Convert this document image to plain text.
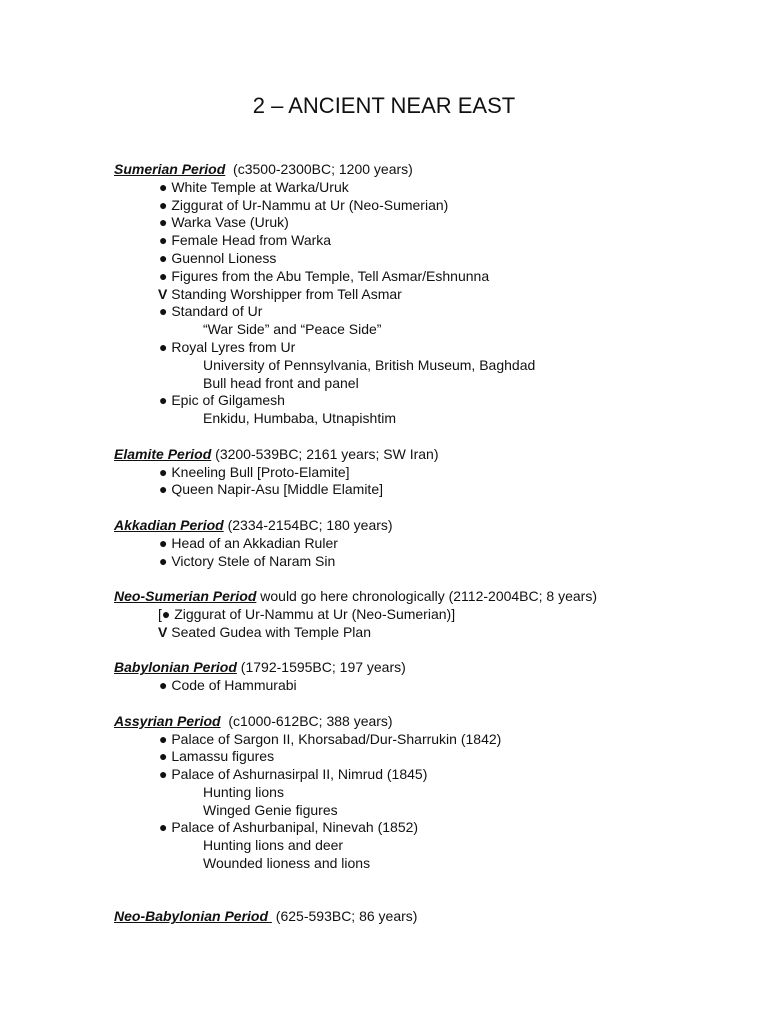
2 – ANCIENT NEAR EAST
Sumerian Period  (c3500-2300BC; 1200 years)
● White Temple at Warka/Uruk
● Ziggurat of Ur-Nammu at Ur (Neo-Sumerian)
● Warka Vase (Uruk)
● Female Head from Warka
● Guennol Lioness
● Figures from the Abu Temple, Tell Asmar/Eshnunna
V Standing Worshipper from Tell Asmar
● Standard of Ur
“War Side” and “Peace Side”
● Royal Lyres from Ur
University of Pennsylvania, British Museum, Baghdad
Bull head front and panel
● Epic of Gilgamesh
Enkidu, Humbaba, Utnapishtim
Elamite Period (3200-539BC; 2161 years; SW Iran)
● Kneeling Bull [Proto-Elamite]
● Queen Napir-Asu [Middle Elamite]
Akkadian Period (2334-2154BC; 180 years)
● Head of an Akkadian Ruler
● Victory Stele of Naram Sin
Neo-Sumerian Period would go here chronologically (2112-2004BC; 8 years)
[● Ziggurat of Ur-Nammu at Ur (Neo-Sumerian)]
V Seated Gudea with Temple Plan
Babylonian Period (1792-1595BC; 197 years)
● Code of Hammurabi
Assyrian Period  (c1000-612BC; 388 years)
● Palace of Sargon II, Khorsabad/Dur-Sharrukin (1842)
● Lamassu figures
● Palace of Ashurnasirpal II, Nimrud (1845)
Hunting lions
Winged Genie figures
● Palace of Ashurbanipal, Ninevah (1852)
Hunting lions and deer
Wounded lioness and lions
Neo-Babylonian Period  (625-593BC; 86 years)
